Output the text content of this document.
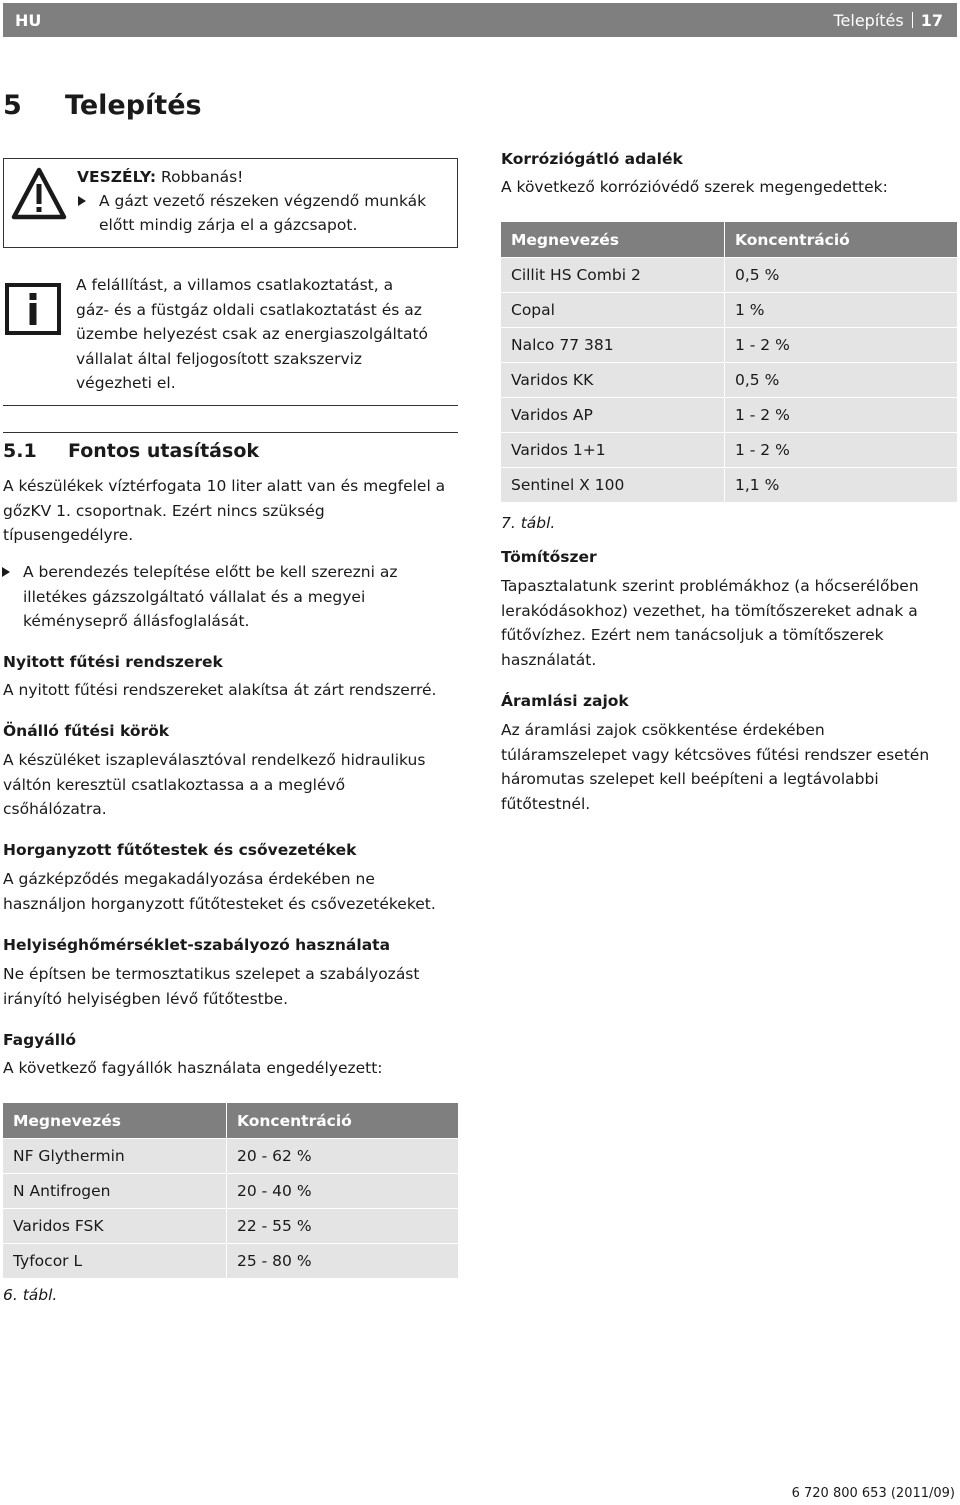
HU	Telepítés 17
5 Telepítés
VESZÉLY: Robbanás!
A gázt vezető részeken végzendő munkák
előtt mindig zárja el a gázcsapot.
A felállítást, a villamos csatlakoztatást, a
gáz- és a füstgáz oldali csatlakoztatást és az
üzembe helyezést csak az energiaszolgáltató
vállalat által feljogosított szakszerviz
végezheti el.
5.1 Fontos utasítások
A készülékek víztérfogata 10 liter alatt van és megfelel a
gőzKV 1. csoportnak. Ezért nincs szükség
típusengedélyre.
A berendezés telepítése előtt be kell szerezni az
illetékes gázszolgáltató vállalat és a megyei
kéményseprő állásfoglalását.
Nyitott fűtési rendszerek
A nyitott fűtési rendszereket alakítsa át zárt rendszerré.
Önálló fűtési körök
A készüléket iszapleválasztóval rendelkező hidraulikus
váltón keresztül csatlakoztassa a a meglévő
csőhálózatra.
Horganyzott fűtőtestek és csővezetékek
A gázképződés megakadályozása érdekében ne
használjon horganyzott fűtőtesteket és csővezetékeket.
Helyiséghőmérséklet-szabályozó használata
Ne építsen be termosztatikus szelepet a szabályozást
irányító helyiségben lévő fűtőtestbe.
Fagyálló
A következő fagyállók használata engedélyezett:
Megnevezés	Koncentráció
NF Glythermin	20 - 62 %
N Antifrogen	20 - 40 %
Varidos FSK	22 - 55 %
Tyfocor L	25 - 80 %
6. tábl.
Korróziógátló adalék
A következő korrózióvédő szerek megengedettek:
Megnevezés	Koncentráció
Cillit HS Combi 2	0,5 %
Copal	1 %
Nalco 77 381	1 - 2 %
Varidos KK	0,5 %
Varidos AP	1 - 2 %
Varidos 1+1	1 - 2 %
Sentinel X 100	1,1 %
7. tábl.
Tömítőszer
Tapasztalatunk szerint problémákhoz (a hőcserélőben
lerakódásokhoz) vezethet, ha tömítőszereket adnak a
fűtővízhez. Ezért nem tanácsoljuk a tömítőszerek
használatát.
Áramlási zajok
Az áramlási zajok csökkentése érdekében
túláramszelepet vagy kétcsöves fűtési rendszer esetén
háromutas szelepet kell beépíteni a legtávolabbi
fűtőtestnél.
6 720 800 653 (2011/09)
